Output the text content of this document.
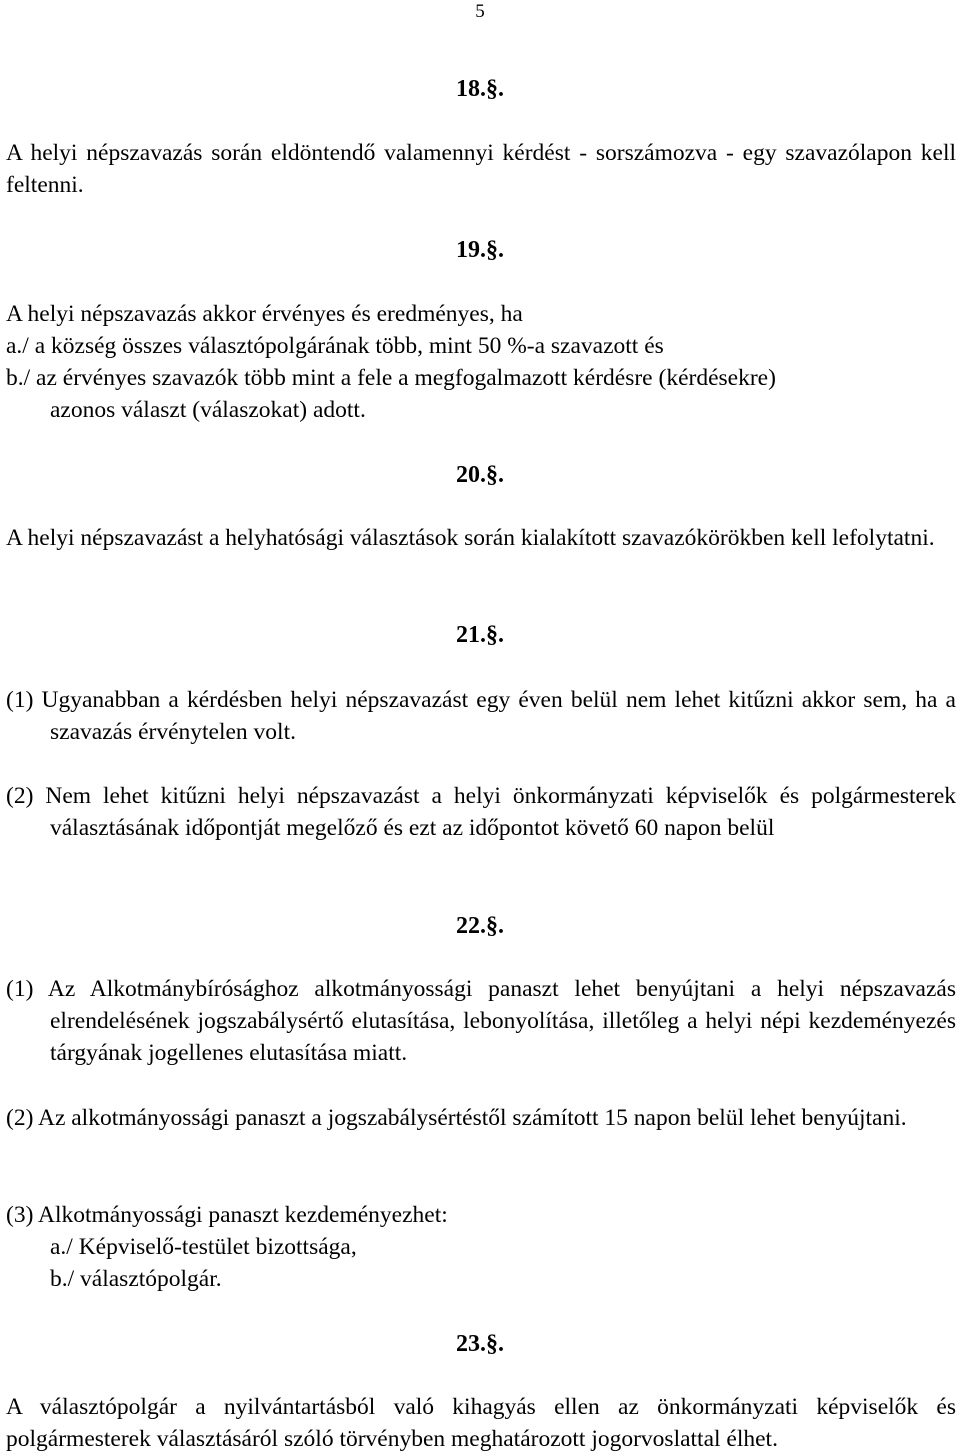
5
18.§.
A helyi népszavazás során eldöntendő valamennyi kérdést - sorszámozva - egy szavazólapon kell feltenni.
19.§.
A helyi népszavazás akkor érvényes és eredményes, ha
a./ a község összes választópolgárának több, mint 50 %-a szavazott és
b./ az érvényes szavazók több mint a fele a megfogalmazott kérdésre (kérdésekre)
azonos választ (válaszokat) adott.
20.§.
A helyi népszavazást a helyhatósági választások során kialakított szavazókörökben kell lefolytatni.
21.§.
(1) Ugyanabban a kérdésben helyi népszavazást egy éven belül nem lehet kitűzni akkor sem, ha a szavazás érvénytelen volt.
(2) Nem lehet kitűzni helyi népszavazást a helyi önkormányzati képviselők és polgármesterek választásának időpontját megelőző és ezt az időpontot követő 60 napon belül
22.§.
(1) Az Alkotmánybírósághoz alkotmányossági panaszt lehet benyújtani a helyi népszavazás elrendelésének jogszabálysértő elutasítása, lebonyolítása, illetőleg a helyi népi kezdeményezés tárgyának jogellenes elutasítása miatt.
(2) Az alkotmányossági panaszt a jogszabálysértéstől számított 15 napon belül lehet benyújtani.
(3) Alkotmányossági panaszt kezdeményezhet:
a./ Képviselő-testület bizottsága,
b./ választópolgár.
23.§.
A választópolgár a nyilvántartásból való kihagyás ellen az önkormányzati képviselők és polgármesterek választásáról szóló törvényben meghatározott jogorvoslattal élhet.
